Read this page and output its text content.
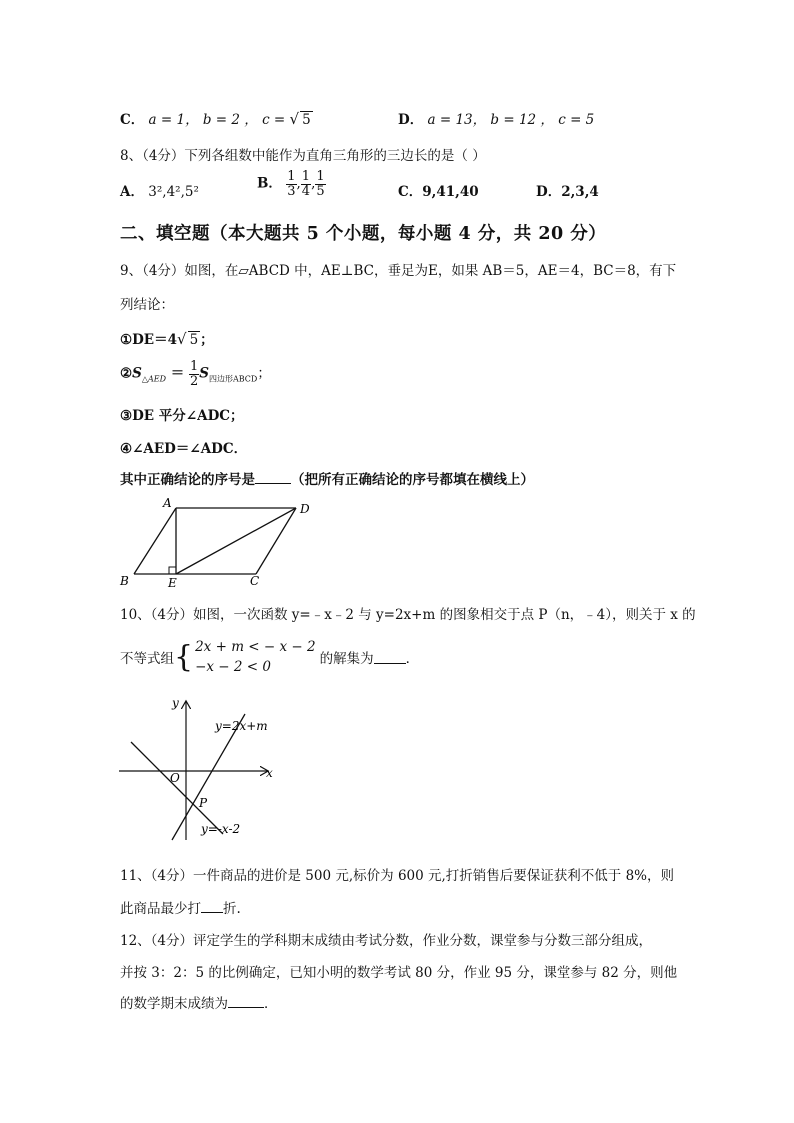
C． a = 1， b = 2 ， c = √ 5	D． a = 13， b = 12 ， c = 5
8、（4分）下列各组数中能作为直角三角形的三边长的是（ ）
A． 3²,4²,5²
B． $\frac{1}{3}$ , $\frac{1}{4}$ , $\frac{1}{5}$	C．9,41,40	D．2,3,4
二、填空题（本大题共 5 个小题，每小题 4 分，共 20 分）
9、（4分）如图，在▱ABCD 中，AE⊥BC，垂足为E，如果 AB＝5，AE＝4，BC＝8，有下
列结论：
①DE＝4√ 5 ；
$②S_{\triangle AED} = \frac{1}{2} S_{四边形ABCD}$；
③DE 平分∠ADC；
④∠AED＝∠ADC．
其中正确结论的序号是	（把所有正确结论的序号都填在横线上）
A	D
B	E	C
10、（4分）如图，一次函数 y=﹣x﹣2 与 y=2x+m 的图象相交于点 P（n，﹣4），则关于 x 的
不等式组{ 2x + m < − x − 2
−x − 2 < 0	的解集为 ．
y
x
O
P
y=2x+m
y=-x-2
11、（4分）一件商品的进价是 500 元,标价为 600 元,打折销售后要保证获利不低于 8%，则
此商品最少打 折.
12、（4分）评定学生的学科期末成绩由考试分数，作业分数，课堂参与分数三部分组成，
并按 3：2：5 的比例确定，已知小明的数学考试 80 分，作业 95 分，课堂参与 82 分，则他
的数学期末成绩为	．
